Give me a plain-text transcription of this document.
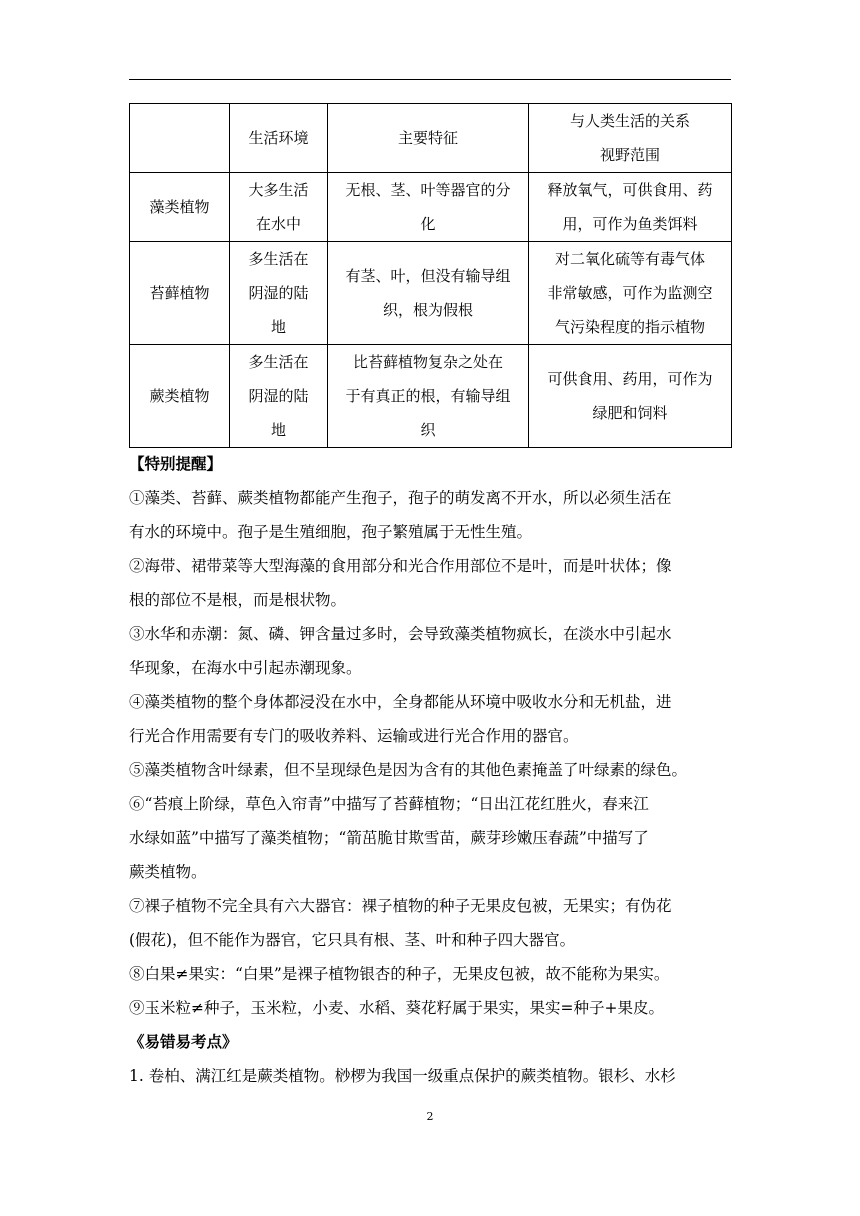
	生活环境	主要特征	与人类生活的关系
视野范围

藻类植物	大多生活
在水中	无根、茎、叶等器官的分
化	释放氧气，可供食用、药
用，可作为鱼类饵料

苔藓植物	多生活在
阴湿的陆
地	有茎、叶，但没有输导组
织，根为假根	对二氧化硫等有毒气体
非常敏感，可作为监测空
气污染程度的指示植物

蕨类植物	多生活在
阴湿的陆
地	比苔藓植物复杂之处在
于有真正的根，有输导组
织	可供食用、药用，可作为
绿肥和饲料

【特别提醒】

①藻类、苔藓、蕨类植物都能产生孢子，孢子的萌发离不开水，所以必须生活在
有水的环境中。孢子是生殖细胞，孢子繁殖属于无性生殖。

②海带、裙带菜等大型海藻的食用部分和光合作用部位不是叶，而是叶状体；像
根的部位不是根，而是根状物。

③水华和赤潮：氮、磷、钾含量过多时，会导致藻类植物疯长，在淡水中引起水
华现象，在海水中引起赤潮现象。

④藻类植物的整个身体都浸没在水中，全身都能从环境中吸收水分和无机盐，进
行光合作用需要有专门的吸收养料、运输或进行光合作用的器官。

⑤藻类植物含叶绿素，但不呈现绿色是因为含有的其他色素掩盖了叶绿素的绿色。

⑥“苔痕上阶绿，草色入帘青”中描写了苔藓植物；“日出江花红胜火，春来江
水绿如蓝”中描写了藻类植物；“箭茁脆甘欺雪苗，蕨芽珍嫩压春蔬”中描写了
蕨类植物。

⑦裸子植物不完全具有六大器官：裸子植物的种子无果皮包被，无果实；有伪花
(假花)，但不能作为器官，它只具有根、茎、叶和种子四大器官。

⑧白果≠果实：“白果”是裸子植物银杏的种子，无果皮包被，故不能称为果实。

⑨玉米粒≠种子，玉米粒，小麦、水稻、葵花籽属于果实，果实=种子+果皮。

《易错易考点》

1. 卷柏、满江红是蕨类植物。桫椤为我国一级重点保护的蕨类植物。银杉、水杉

2
